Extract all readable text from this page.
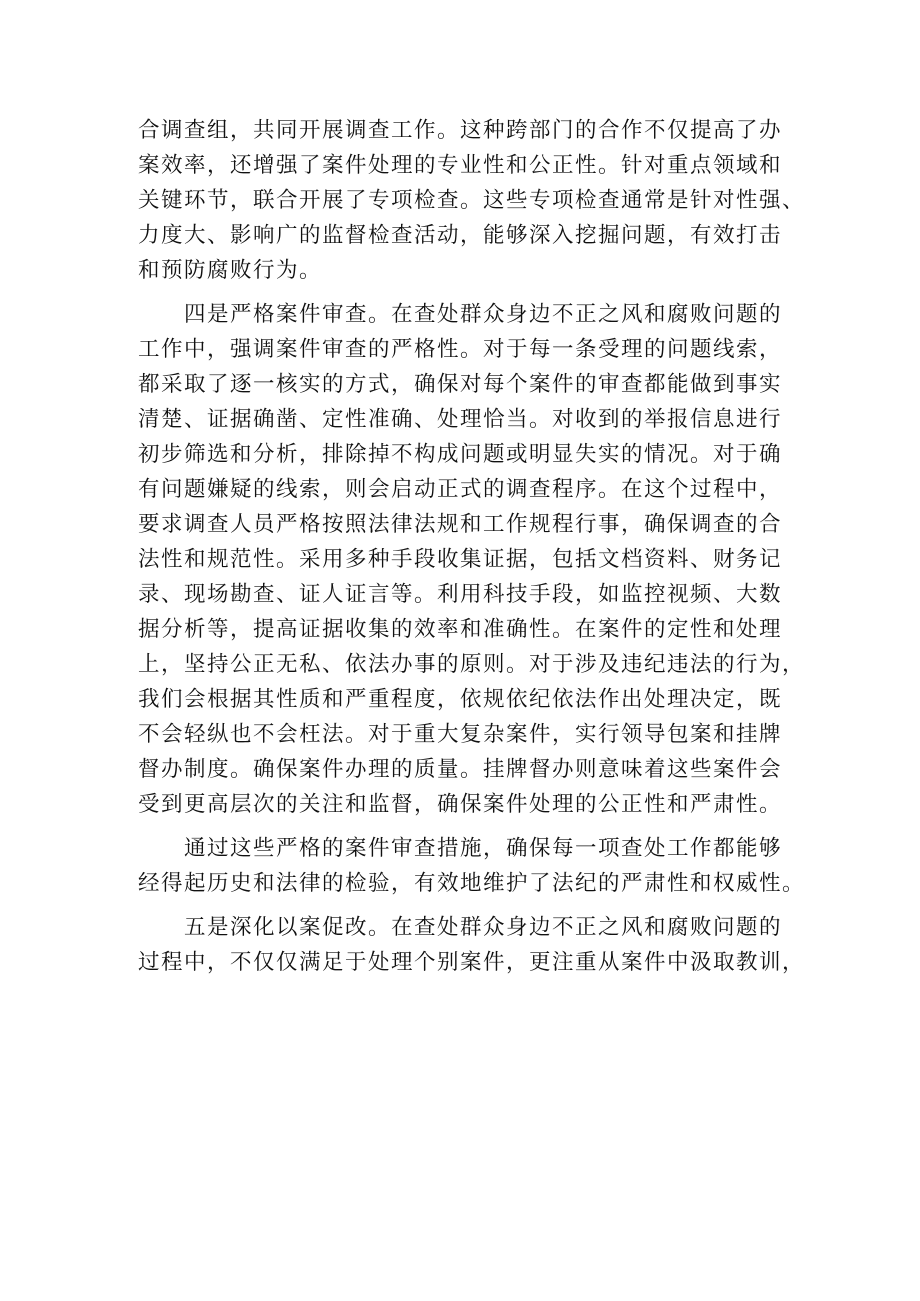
合调查组，共同开展调查工作。这种跨部门的合作不仅提高了办
案效率，还增强了案件处理的专业性和公正性。针对重点领域和
关键环节，联合开展了专项检查。这些专项检查通常是针对性强、
力度大、影响广的监督检查活动，能够深入挖掘问题，有效打击
和预防腐败行为。
　　四是严格案件审查。在查处群众身边不正之风和腐败问题的
工作中，强调案件审查的严格性。对于每一条受理的问题线索，
都采取了逐一核实的方式，确保对每个案件的审查都能做到事实
清楚、证据确凿、定性准确、处理恰当。对收到的举报信息进行
初步筛选和分析，排除掉不构成问题或明显失实的情况。对于确
有问题嫌疑的线索，则会启动正式的调查程序。在这个过程中，
要求调查人员严格按照法律法规和工作规程行事，确保调查的合
法性和规范性。采用多种手段收集证据，包括文档资料、财务记
录、现场勘查、证人证言等。利用科技手段，如监控视频、大数
据分析等，提高证据收集的效率和准确性。在案件的定性和处理
上，坚持公正无私、依法办事的原则。对于涉及违纪违法的行为，
我们会根据其性质和严重程度，依规依纪依法作出处理决定，既
不会轻纵也不会枉法。对于重大复杂案件，实行领导包案和挂牌
督办制度。确保案件办理的质量。挂牌督办则意味着这些案件会
受到更高层次的关注和监督，确保案件处理的公正性和严肃性。
　　通过这些严格的案件审查措施，确保每一项查处工作都能够
经得起历史和法律的检验，有效地维护了法纪的严肃性和权威性。
　　五是深化以案促改。在查处群众身边不正之风和腐败问题的
过程中，不仅仅满足于处理个别案件，更注重从案件中汲取教训，
